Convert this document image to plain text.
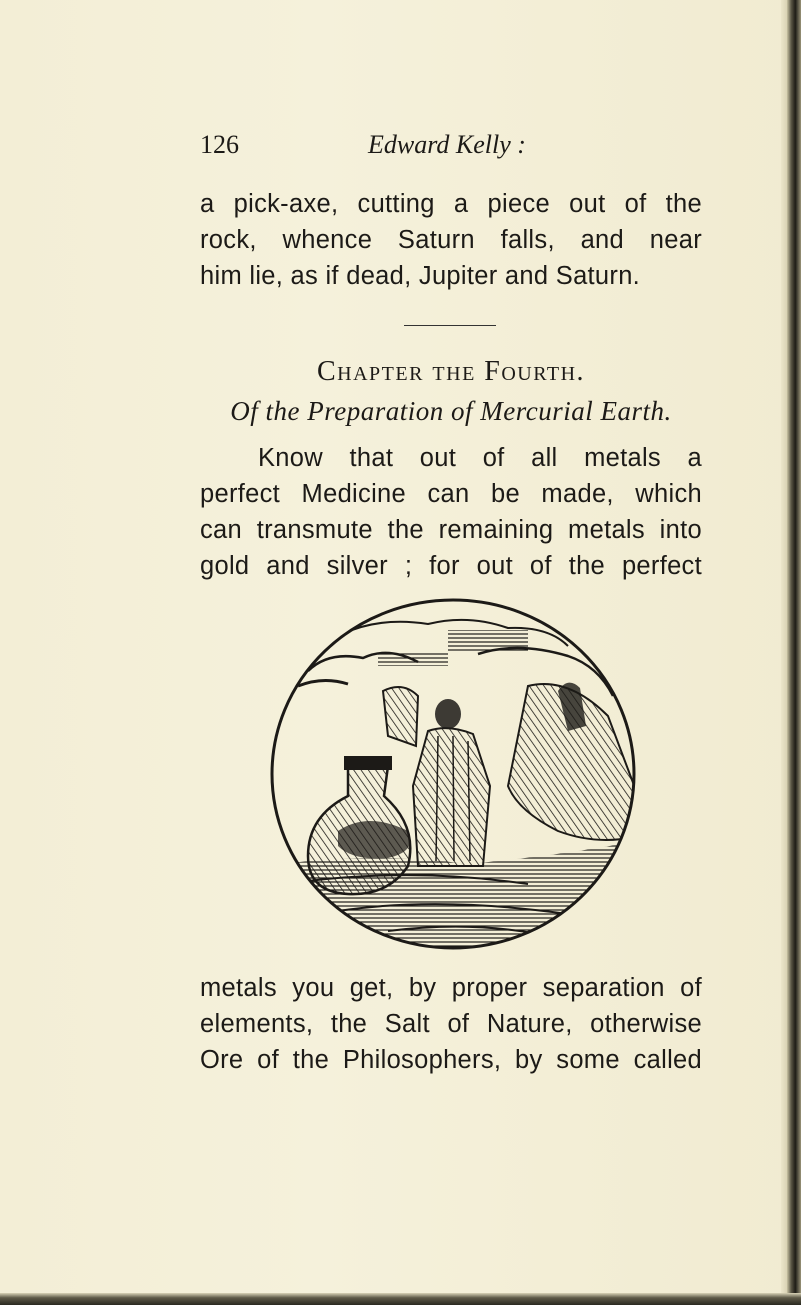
126	Edward Kelly :
a pick-axe, cutting a piece out of the
rock, whence Saturn falls, and near
him lie, as if dead, Jupiter and Saturn.
Chapter the Fourth.
Of the Preparation of Mercurial Earth.
Know that out of all metals a
perfect Medicine can be made, which
can transmute the remaining metals into
gold and silver ; for out of the perfect
metals you get, by proper separation of
elements, the Salt of Nature, otherwise
Ore of the Philosophers, by some called
